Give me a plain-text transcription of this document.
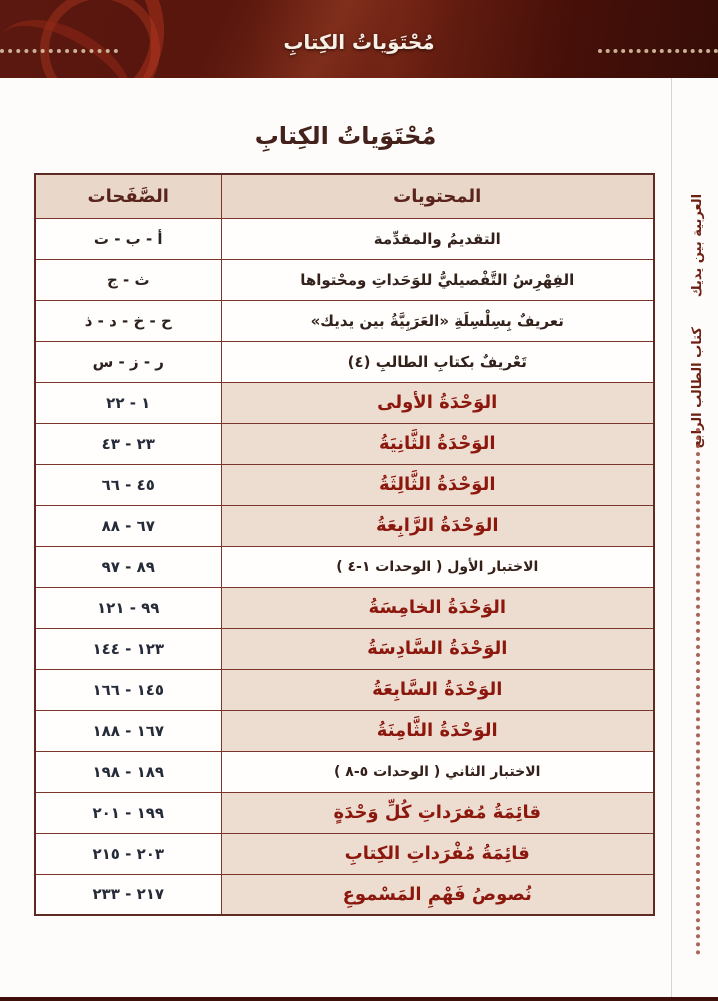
مُحْتَوَياتُ الكِتابِ
مُحْتَوَياتُ الكِتابِ
المحتويات	الصَّفَحات
التقديمُ والمقدِّمة	أ - ب - ت
الفِهْرِسُ التَّفْصيليُّ للوَحَداتِ ومحْتواها	ث - ج
تعريفٌ بِسِلْسِلَةِ «العَرَبِيَّةُ بين يديك»	ح - خ - د - ذ
تَعْريفٌ بكتابِ الطالبِ (٤)	ر - ز - س
الوَحْدَةُ الأولى	١ - ٢٢
الوَحْدَةُ الثَّانِيَةُ	٢٣ - ٤٣
الوَحْدَةُ الثَّالِثَةُ	٤٥ - ٦٦
الوَحْدَةُ الرَّابِعَةُ	٦٧ - ٨٨
الاختبار الأول ( الوحدات ١-٤ )	٨٩ - ٩٧
الوَحْدَةُ الخامِسَةُ	٩٩ - ١٢١
الوَحْدَةُ السَّادِسَةُ	١٢٣ - ١٤٤
الوَحْدَةُ السَّابِعَةُ	١٤٥ - ١٦٦
الوَحْدَةُ الثَّامِنَةُ	١٦٧ - ١٨٨
الاختبار الثاني ( الوحدات ٥-٨ )	١٨٩ - ١٩٨
قائِمَةُ مُفرَداتِ كُلِّ وَحْدَةٍ	١٩٩ - ٢٠١
قائِمَةُ مُفْرَداتِ الكِتابِ	٢٠٣ - ٢١٥
نُصوصُ فَهْمِ المَسْموعِ	٢١٧ - ٢٣٣
العربية بين يديك
كتاب الطالب الرابع
